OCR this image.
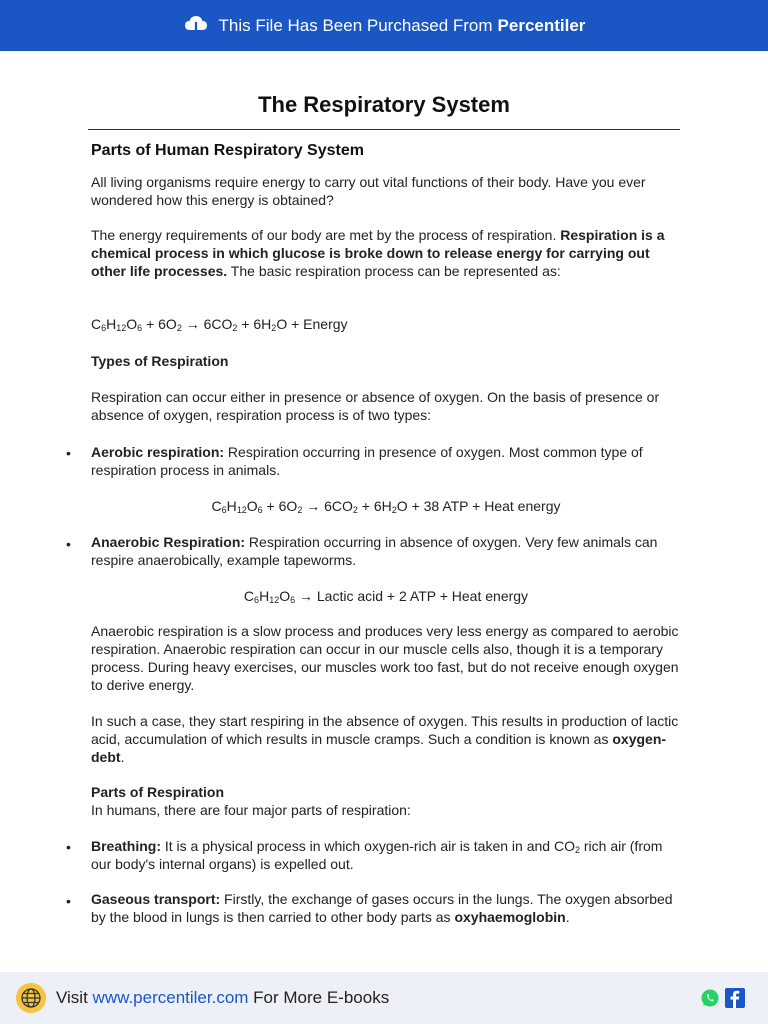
This File Has Been Purchased From Percentiler
The Respiratory System

Parts of Human Respiratory System

All living organisms require energy to carry out vital functions of their body. Have you ever wondered how this energy is obtained?

The energy requirements of our body are met by the process of respiration. Respiration is a chemical process in which glucose is broke down to release energy for carrying out other life processes. The basic respiration process can be represented as:

$C_6H_{12}O_6 + 6O_2 \to 6CO_2 + 6H_2O$ + Energy

Types of Respiration

Respiration can occur either in presence or absence of oxygen. On the basis of presence or absence of oxygen, respiration process is of two types:

• Aerobic respiration: Respiration occurring in presence of oxygen. Most common type of respiration process in animals.

$C_6H_{12}O_6 + 6O_2 \to 6CO_2 + 6H_2O + 38$ ATP + Heat energy

• Anaerobic Respiration: Respiration occurring in absence of oxygen. Very few animals can respire anaerobically, example tapeworms.

$C_6H_{12}O_6$ → Lactic acid + 2 ATP + Heat energy

Anaerobic respiration is a slow process and produces very less energy as compared to aerobic respiration. Anaerobic respiration can occur in our muscle cells also, though it is a temporary process. During heavy exercises, our muscles work too fast, but do not receive enough oxygen to derive energy.

In such a case, they start respiring in the absence of oxygen. This results in production of lactic acid, accumulation of which results in muscle cramps. Such a condition is known as oxygen-debt.

Parts of Respiration

In humans, there are four major parts of respiration:

• Breathing: It is a physical process in which oxygen-rich air is taken in and $CO_2$ rich air (from our body's internal organs) is expelled out.

• Gaseous transport: Firstly, the exchange of gases occurs in the lungs. The oxygen absorbed by the blood in lungs is then carried to other body parts as oxyhaemoglobin.

Visit www.percentiler.com For More E-books
